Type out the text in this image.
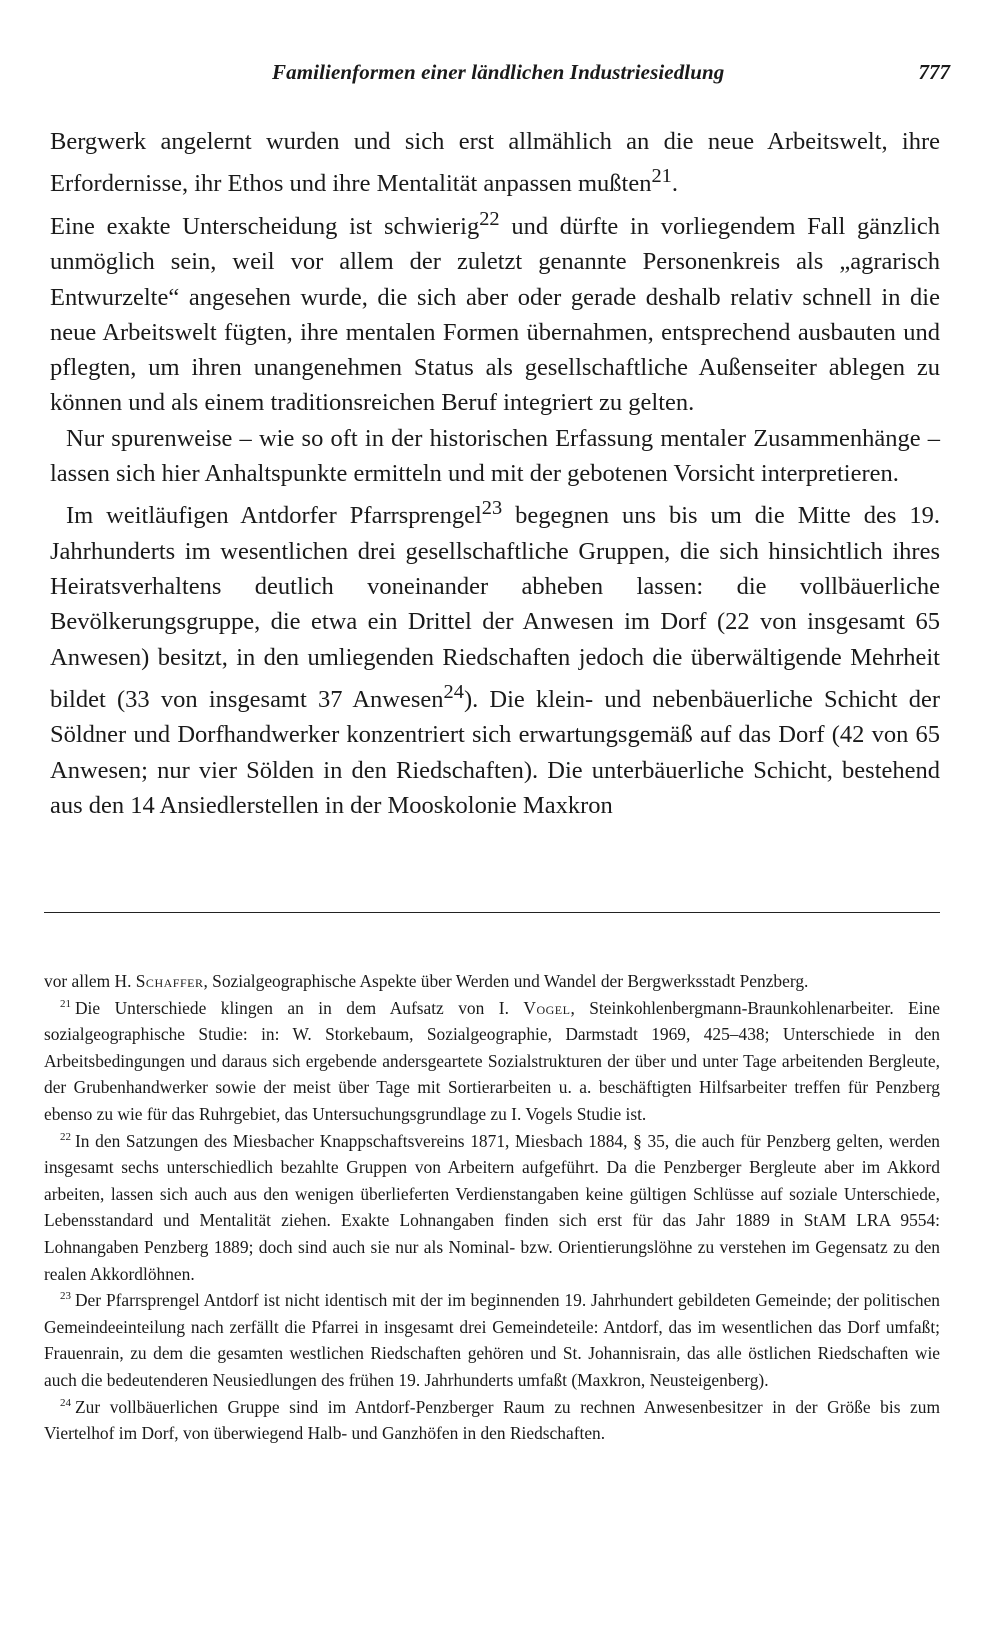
Familienformen einer ländlichen Industriesiedlung	777

Bergwerk angelernt wurden und sich erst allmählich an die neue Arbeitswelt, ihre Erfordernisse, ihr Ethos und ihre Mentalität anpassen mußten$^{21}$.

Eine exakte Unterscheidung ist schwierig$^{22}$ und dürfte in vorliegendem Fall gänzlich unmöglich sein, weil vor allem der zuletzt genannte Personenkreis als „agrarisch Entwurzelte“ angesehen wurde, die sich aber oder gerade deshalb relativ schnell in die neue Arbeitswelt fügten, ihre mentalen Formen übernahmen, entsprechend ausbauten und pflegten, um ihren unangenehmen Status als gesellschaftliche Außenseiter ablegen zu können und als einem traditionsreichen Beruf integriert zu gelten.

Nur spurenweise – wie so oft in der historischen Erfassung mentaler Zusammenhänge – lassen sich hier Anhaltspunkte ermitteln und mit der gebotenen Vorsicht interpretieren.

Im weitläufigen Antdorfer Pfarrsprengel$^{23}$ begegnen uns bis um die Mitte des 19. Jahrhunderts im wesentlichen drei gesellschaftliche Gruppen, die sich hinsichtlich ihres Heiratsverhaltens deutlich voneinander abheben lassen: die vollbäuerliche Bevölkerungsgruppe, die etwa ein Drittel der Anwesen im Dorf (22 von insgesamt 65 Anwesen) besitzt, in den umliegenden Riedschaften jedoch die überwältigende Mehrheit bildet (33 von insgesamt 37 Anwesen$^{24}$). Die klein- und nebenbäuerliche Schicht der Söldner und Dorfhandwerker konzentriert sich erwartungsgemäß auf das Dorf (42 von 65 Anwesen; nur vier Sölden in den Riedschaften). Die unterbäuerliche Schicht, bestehend aus den 14 Ansiedlerstellen in der Mooskolonie Maxkron

vor allem H. Schaffer, Sozialgeographische Aspekte über Werden und Wandel der Bergwerksstadt Penzberg.

$^{21}$ Die Unterschiede klingen an in dem Aufsatz von I. Vogel, Steinkohlenbergmann-Braunkohlenarbeiter. Eine sozialgeographische Studie: in: W. Storkebaum, Sozialgeographie, Darmstadt 1969, 425–438; Unterschiede in den Arbeitsbedingungen und daraus sich ergebende andersgeartete Sozialstrukturen der über und unter Tage arbeitenden Bergleute, der Grubenhandwerker sowie der meist über Tage mit Sortierarbeiten u. a. beschäftigten Hilfsarbeiter treffen für Penzberg ebenso zu wie für das Ruhrgebiet, das Untersuchungsgrundlage zu I. Vogels Studie ist.

$^{22}$ In den Satzungen des Miesbacher Knappschaftsvereins 1871, Miesbach 1884, § 35, die auch für Penzberg gelten, werden insgesamt sechs unterschiedlich bezahlte Gruppen von Arbeitern aufgeführt. Da die Penzberger Bergleute aber im Akkord arbeiten, lassen sich auch aus den wenigen überlieferten Verdienstangaben keine gültigen Schlüsse auf soziale Unterschiede, Lebensstandard und Mentalität ziehen. Exakte Lohnangaben finden sich erst für das Jahr 1889 in StAM LRA 9554: Lohnangaben Penzberg 1889; doch sind auch sie nur als Nominal- bzw. Orientierungslöhne zu verstehen im Gegensatz zu den realen Akkordlöhnen.

$^{23}$ Der Pfarrsprengel Antdorf ist nicht identisch mit der im beginnenden 19. Jahrhundert gebildeten Gemeinde; der politischen Gemeindeeinteilung nach zerfällt die Pfarrei in insgesamt drei Gemeindeteile: Antdorf, das im wesentlichen das Dorf umfaßt; Frauenrain, zu dem die gesamten westlichen Riedschaften gehören und St. Johannisrain, das alle östlichen Riedschaften wie auch die bedeutenderen Neusiedlungen des frühen 19. Jahrhunderts umfaßt (Maxkron, Neusteigenberg).

$^{24}$ Zur vollbäuerlichen Gruppe sind im Antdorf-Penzberger Raum zu rechnen Anwesenbesitzer in der Größe bis zum Viertelhof im Dorf, von überwiegend Halb- und Ganzhöfen in den Riedschaften.
